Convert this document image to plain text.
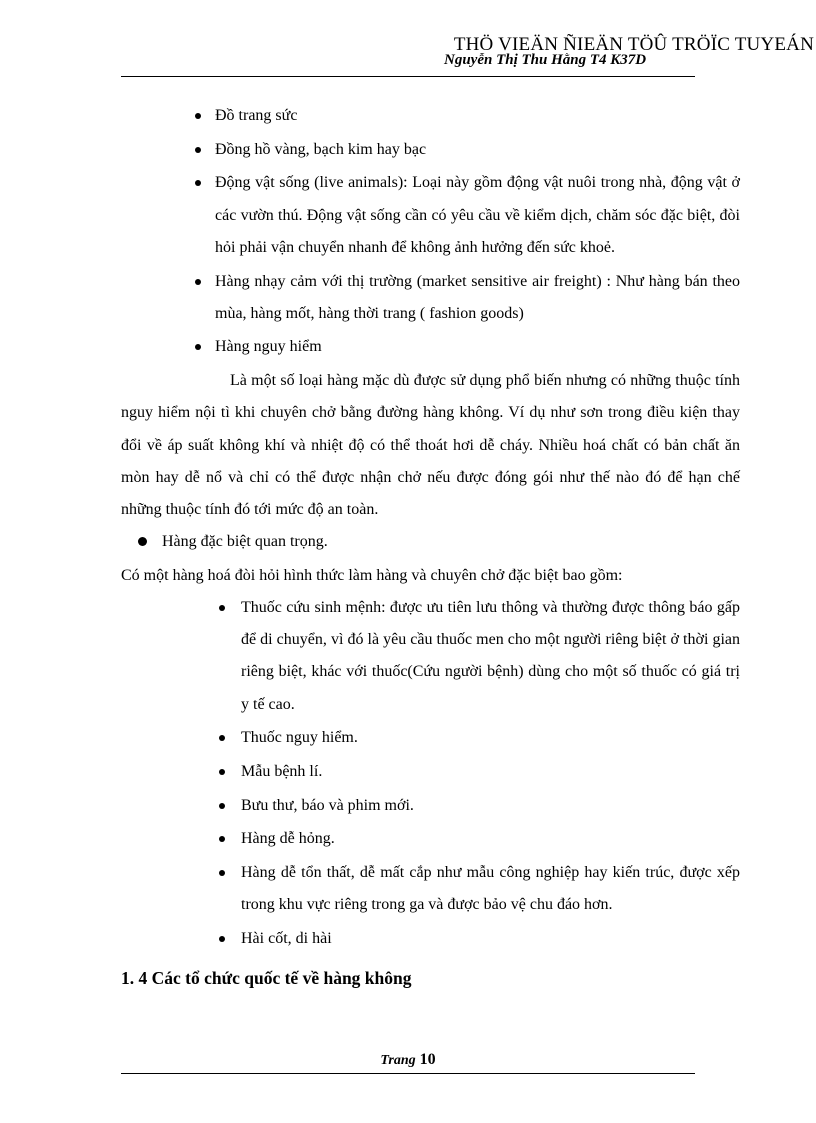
THÖ VIEÄN ÑIEÄN TÖÛ TRÖÏC TUYEÁN
Nguyễn Thị Thu Hằng T4 K37D
Đồ trang sức
Đồng hồ vàng, bạch kim hay bạc
Động vật sống (live animals): Loại này gồm động vật nuôi trong nhà, động vật ở các vườn thú. Động vật sống cần có yêu cầu về kiểm dịch, chăm sóc đặc biệt, đòi hỏi phải vận chuyển nhanh để không ảnh hưởng đến sức khoẻ.
Hàng nhạy cảm với thị trường (market sensitive air freight) : Như hàng bán theo mùa, hàng mốt, hàng thời trang ( fashion goods)
Hàng nguy hiểm

Là một số loại hàng mặc dù được sử dụng phổ biến nhưng có những thuộc tính nguy hiểm nội tì khi chuyên chở bằng đường hàng không. Ví dụ như sơn trong điều kiện thay đổi về áp suất không khí và nhiệt độ có thể thoát hơi dễ cháy. Nhiều hoá chất có bản chất ăn mòn hay dễ nổ và chỉ có thể được nhận chở nếu được đóng gói như thế nào đó để hạn chế những thuộc tính đó tới mức độ an toàn.

Hàng đặc biệt quan trọng.

Có một hàng hoá đòi hỏi hình thức làm hàng và chuyên chở đặc biệt bao gồm:

Thuốc cứu sinh mệnh: được ưu tiên lưu thông và thường được thông báo gấp để di chuyển, vì đó là yêu cầu thuốc men cho một người riêng biệt ở thời gian riêng biệt, khác với thuốc(Cứu người bệnh) dùng cho một số thuốc có giá trị y tế cao.
Thuốc nguy hiểm.
Mẫu bệnh lí.
Bưu thư, báo và phim mới.
Hàng dễ hỏng.
Hàng dễ tổn thất, dễ mất cắp như mẫu công nghiệp hay kiến trúc, được xếp trong khu vực riêng trong ga và được bảo vệ chu đáo hơn.
Hài cốt, di hài

1. 4 Các tổ chức quốc tế về hàng không

Trang 10
